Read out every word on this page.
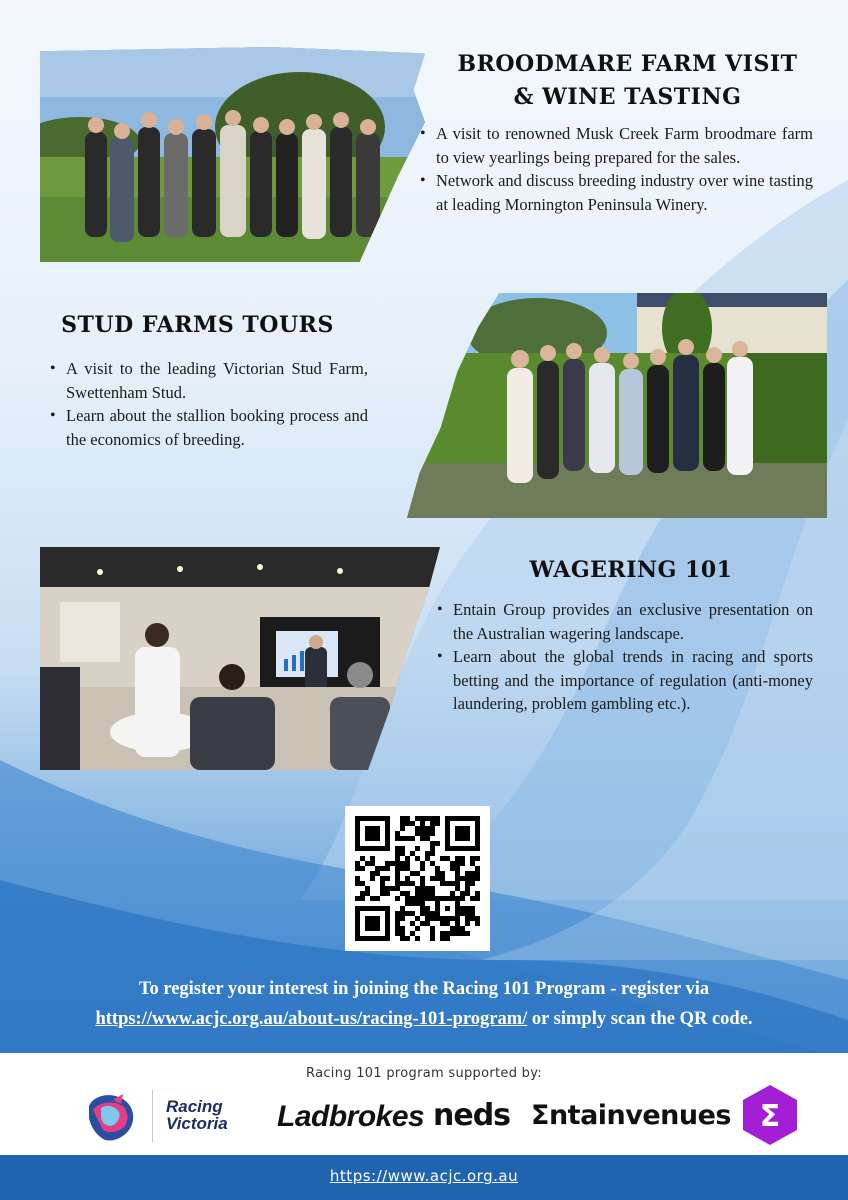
BROODMARE FARM VISIT
& WINE TASTING
• A visit to renowned Musk Creek Farm broodmare farm to view yearlings being prepared for the sales.
• Network and discuss breeding industry over wine tasting at leading Mornington Peninsula Winery.
STUD FARMS TOURS
• A visit to the leading Victorian Stud Farm, Swettenham Stud.
• Learn about the stallion booking process and the economics of breeding.
WAGERING 101
• Entain Group provides an exclusive presentation on the Australian wagering landscape.
• Learn about the global trends in racing and sports betting and the importance of regulation (anti-money laundering, problem gambling etc.).
To register your interest in joining the Racing 101 Program - register via
https://www.acjc.org.au/about-us/racing-101-program/ or simply scan the QR code.
Racing 101 program supported by:
Racing
Victoria Ladbrokes neds Σntainvenues Σ
https://www.acjc.org.au
